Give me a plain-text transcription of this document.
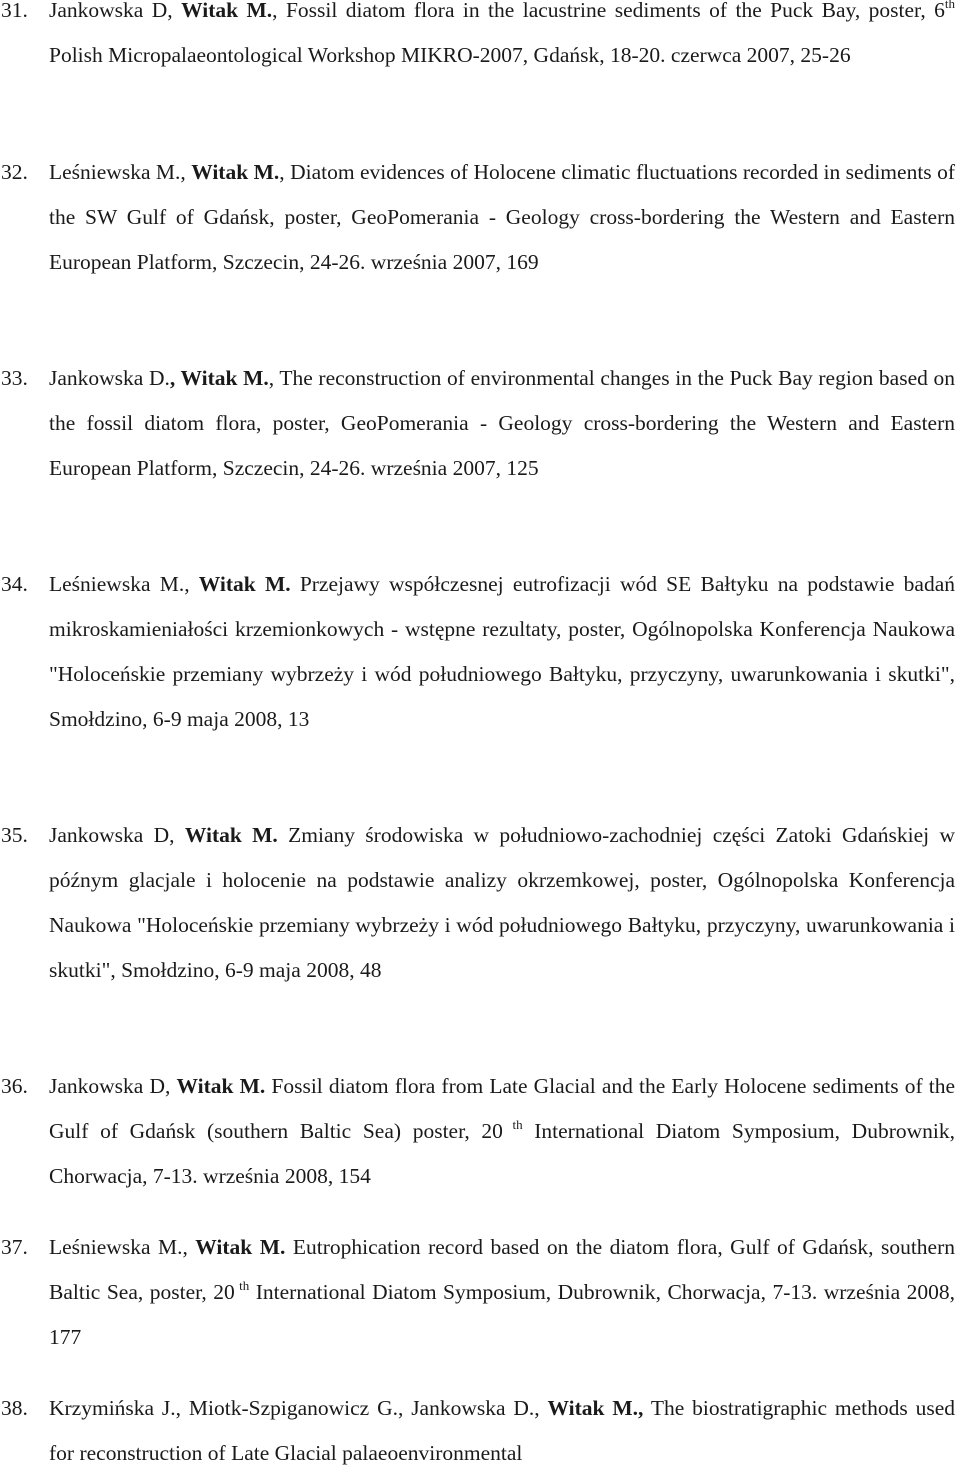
31. Jankowska D, Witak M., Fossil diatom flora in the lacustrine sediments of the Puck Bay, poster, 6th Polish Micropalaeontological Workshop MIKRO-2007, Gdańsk, 18-20. czerwca 2007, 25-26
32. Leśniewska M., Witak M., Diatom evidences of Holocene climatic fluctuations recorded in sediments of the SW Gulf of Gdańsk, poster, GeoPomerania - Geology cross-bordering the Western and Eastern European Platform, Szczecin, 24-26. września 2007, 169
33. Jankowska D., Witak M., The reconstruction of environmental changes in the Puck Bay region based on the fossil diatom flora, poster, GeoPomerania - Geology cross-bordering the Western and Eastern European Platform, Szczecin, 24-26. września 2007, 125
34. Leśniewska M., Witak M. Przejawy współczesnej eutrofizacji wód SE Bałtyku na podstawie badań mikroskamieniałości krzemionkowych - wstępne rezultaty, poster, Ogólnopolska Konferencja Naukowa "Holoceńskie przemiany wybrzeży i wód południowego Bałtyku, przyczyny, uwarunkowania i skutki", Smołdzino, 6-9 maja 2008, 13
35. Jankowska D, Witak M. Zmiany środowiska w południowo-zachodniej części Zatoki Gdańskiej w późnym glacjale i holocenie na podstawie analizy okrzemkowej, poster, Ogólnopolska Konferencja Naukowa "Holoceńskie przemiany wybrzeży i wód południowego Bałtyku, przyczyny, uwarunkowania i skutki", Smołdzino, 6-9 maja 2008, 48
36. Jankowska D, Witak M. Fossil diatom flora from Late Glacial and the Early Holocene sediments of the Gulf of Gdańsk (southern Baltic Sea) poster, 20 $^{th}$ International Diatom Symposium, Dubrownik, Chorwacja, 7-13. września 2008, 154
37. Leśniewska M., Witak M. Eutrophication record based on the diatom flora, Gulf of Gdańsk, southern Baltic Sea, poster, 20 $^{th}$ International Diatom Symposium, Dubrownik, Chorwacja, 7-13. września 2008, 177
38. Krzymińska J., Miotk-Szpiganowicz G., Jankowska D., Witak M., The biostratigraphic methods used for reconstruction of Late Glacial palaeoenvironmental
